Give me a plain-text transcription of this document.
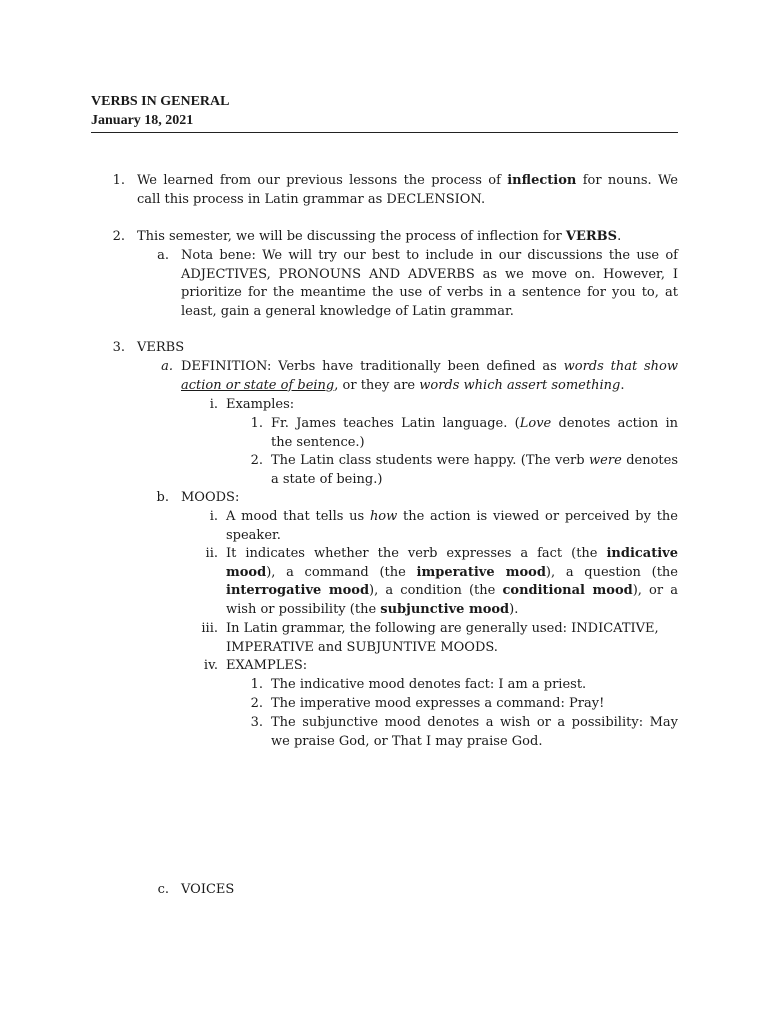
VERBS IN GENERAL
January 18, 2021
1. We learned from our previous lessons the process of inflection for nouns. We call this process in Latin grammar as DECLENSION.
2. This semester, we will be discussing the process of inflection for VERBS.
a. Nota bene: We will try our best to include in our discussions the use of ADJECTIVES, PRONOUNS AND ADVERBS as we move on. However, I prioritize for the meantime the use of verbs in a sentence for you to, at least, gain a general knowledge of Latin grammar.
3. VERBS
a. DEFINITION: Verbs have traditionally been defined as words that show action or state of being, or they are words which assert something.
i. Examples:
1. Fr. James teaches Latin language. (Love denotes action in the sentence.)
2. The Latin class students were happy. (The verb were denotes a state of being.)
b. MOODS:
i. A mood that tells us how the action is viewed or perceived by the speaker.
ii. It indicates whether the verb expresses a fact (the indicative mood), a command (the imperative mood), a question (the interrogative mood), a condition (the conditional mood), or a wish or possibility (the subjunctive mood).
iii. In Latin grammar, the following are generally used: INDICATIVE, IMPERATIVE and SUBJUNTIVE MOODS.
iv. EXAMPLES:
1. The indicative mood denotes fact: I am a priest.
2. The imperative mood expresses a command: Pray!
3. The subjunctive mood denotes a wish or a possibility: May we praise God, or That I may praise God.
c. VOICES
